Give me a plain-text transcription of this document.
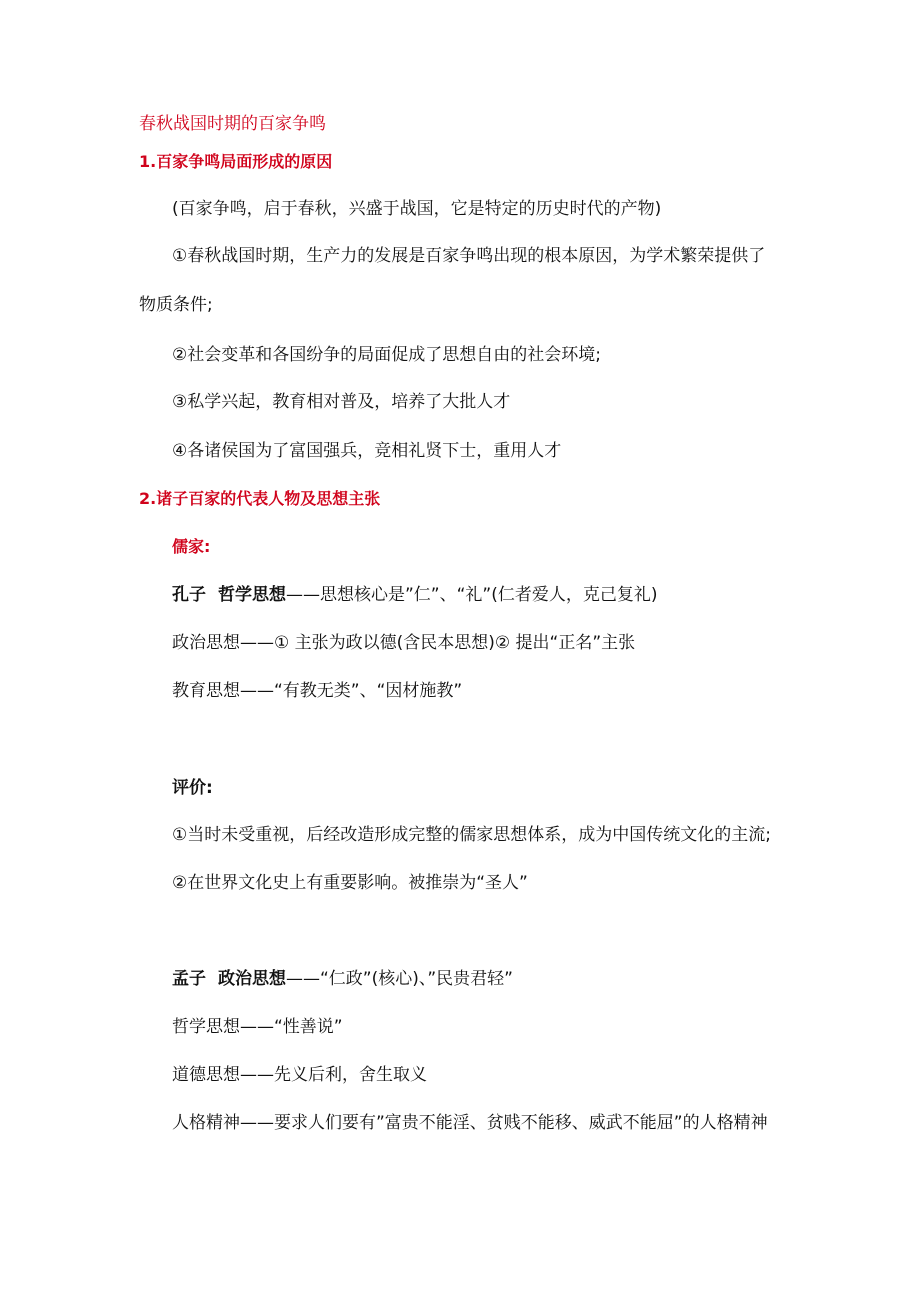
春秋战国时期的百家争鸣
1.百家争鸣局面形成的原因
(百家争鸣，启于春秋，兴盛于战国，它是特定的历史时代的产物)
①春秋战国时期，生产力的发展是百家争鸣出现的根本原因，为学术繁荣提供了
物质条件;
②社会变革和各国纷争的局面促成了思想自由的社会环境;
③私学兴起，教育相对普及，培养了大批人才
④各诸侯国为了富国强兵，竞相礼贤下士，重用人才
2.诸子百家的代表人物及思想主张
儒家:
孔子 哲学思想——思想核心是”仁”、“礼”(仁者爱人，克己复礼)
政治思想——① 主张为政以德(含民本思想)② 提出“正名”主张
教育思想——“有教无类”、“因材施教”
评价:
①当时未受重视，后经改造形成完整的儒家思想体系，成为中国传统文化的主流;
②在世界文化史上有重要影响。被推崇为“圣人”
孟子 政治思想——“仁政”(核心)、”民贵君轻”
哲学思想——“性善说”
道德思想——先义后利，舍生取义
人格精神——要求人们要有”富贵不能淫、贫贱不能移、威武不能屈”的人格精神
